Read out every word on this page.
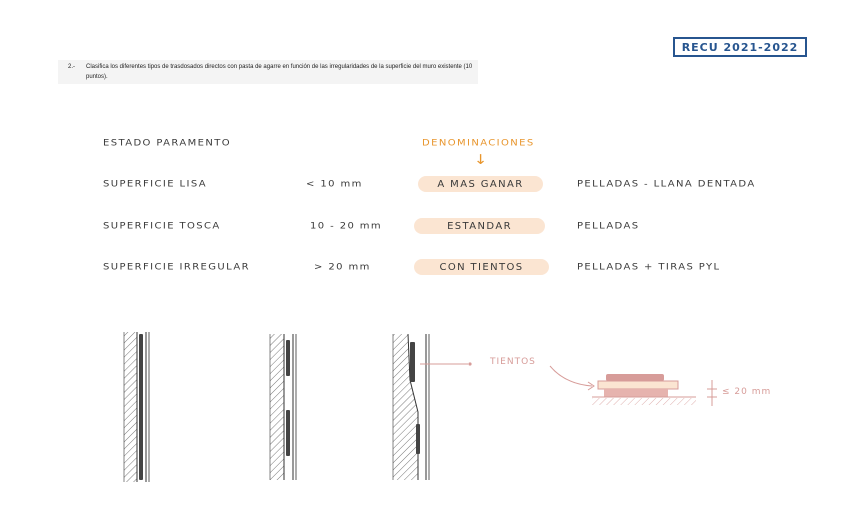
RECU 2021-2022
2.- Clasifica los diferentes tipos de trasdosados directos con pasta de agarre en función de las irregularidades de la superficie del muro existente (10 puntos).
ESTADO PARAMENTO	DENOMINACIONES
↓
SUPERFICIE LISA	< 10 mm	A MAS GANAR	PELLADAS - LLANA DENTADA
SUPERFICIE TOSCA	10 - 20 mm	ESTANDAR	PELLADAS
SUPERFICIE IRREGULAR	> 20 mm	CON TIENTOS	PELLADAS + TIRAS PYL
TIENTOS
≤ 20 mm
